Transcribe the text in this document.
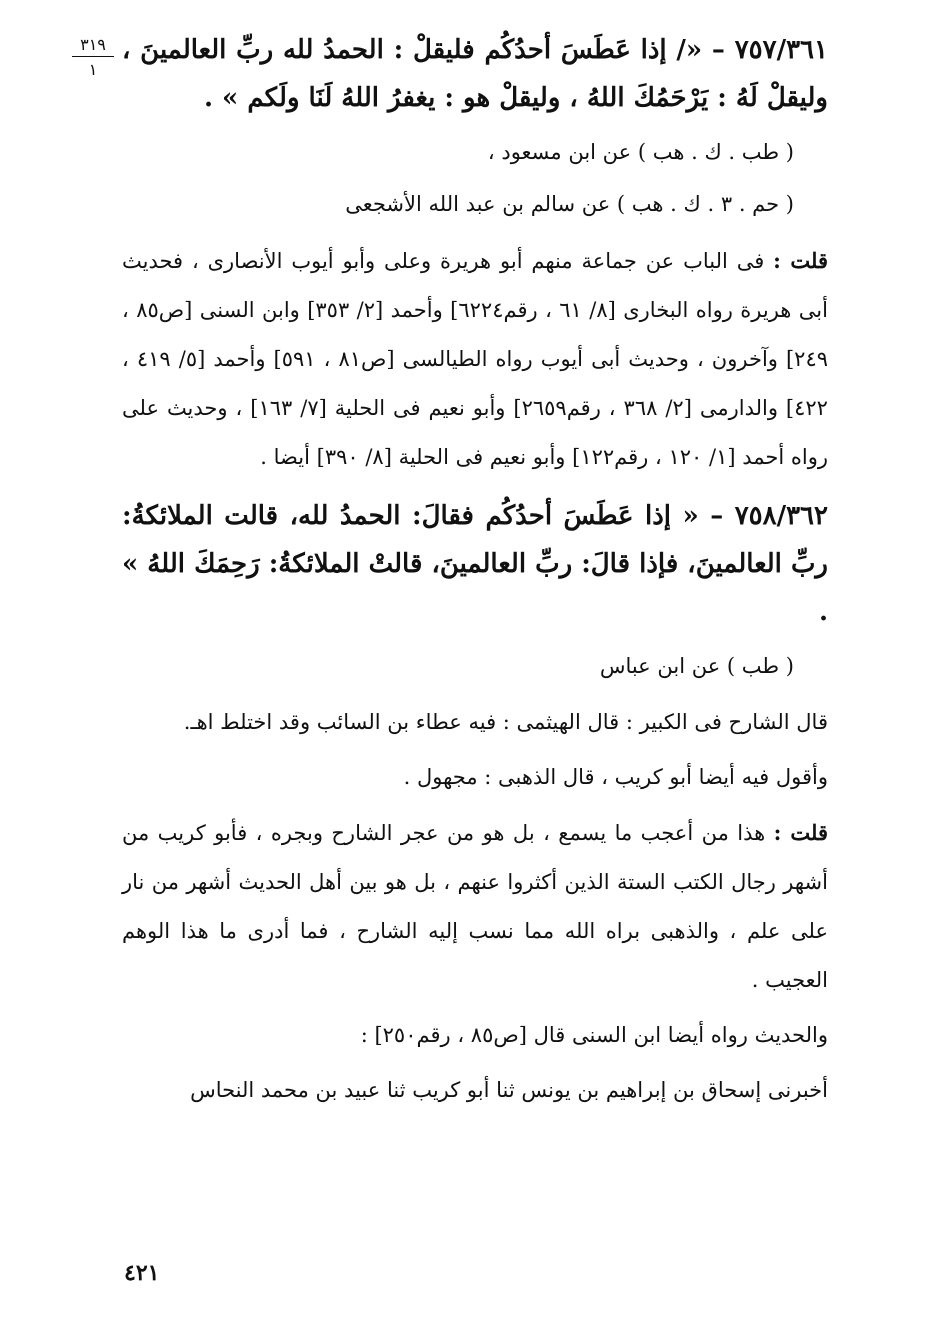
٣١٩
١

٧٥٧/٣٦١ – «/ إذا عَطَسَ أحدُكُم فليقلْ : الحمدُ لله ربِّ العالمينَ ، وليقلْ لَهُ : يَرْحَمُكَ اللهُ ، وليقلْ هو : يغفرُ اللهُ لَنَا ولَكم » .

( طب . ك . هب ) عن ابن مسعود ،

( حم . ٣ . ك . هب ) عن سالم بن عبد الله الأشجعى

قلت : فى الباب عن جماعة منهم أبو هريرة وعلى وأبو أيوب الأنصارى ، فحديث أبى هريرة رواه البخارى [٨/ ٦١ ، رقم٦٢٢٤] وأحمد [٢/ ٣٥٣] وابن السنى [ص٨٥ ، ٢٤٩] وآخرون ، وحديث أبى أيوب رواه الطيالسى [ص٨١ ، ٥٩١] وأحمد [٥/ ٤١٩ ، ٤٢٢] والدارمى [٢/ ٣٦٨ ، رقم٢٦٥٩] وأبو نعيم فى الحلية [٧/ ١٦٣] ، وحديث على رواه أحمد [١/ ١٢٠ ، رقم١٢٢] وأبو نعيم فى الحلية [٨/ ٣٩٠] أيضا .

٧٥٨/٣٦٢ – « إذا عَطَسَ أحدُكُم فقالَ: الحمدُ لله، قالت الملائكةُ: ربِّ العالمينَ، فإذا قالَ: ربِّ العالمينَ، قالتْ الملائكةُ: رَحِمَكَ اللهُ » .

( طب ) عن ابن عباس

قال الشارح فى الكبير : قال الهيثمى : فيه عطاء بن السائب وقد اختلط اهـ.

وأقول فيه أيضا أبو كريب ، قال الذهبى : مجهول .

قلت : هذا من أعجب ما يسمع ، بل هو من عجر الشارح وبجره ، فأبو كريب من أشهر رجال الكتب الستة الذين أكثروا عنهم ، بل هو بين أهل الحديث أشهر من نار على علم ، والذهبى براه الله مما نسب إليه الشارح ، فما أدرى ما هذا الوهم العجيب .

والحديث رواه أيضا ابن السنى قال [ص٨٥ ، رقم٢٥٠] :

أخبرنى إسحاق بن إبراهيم بن يونس ثنا أبو كريب ثنا عبيد بن محمد النحاس

٤٢١
